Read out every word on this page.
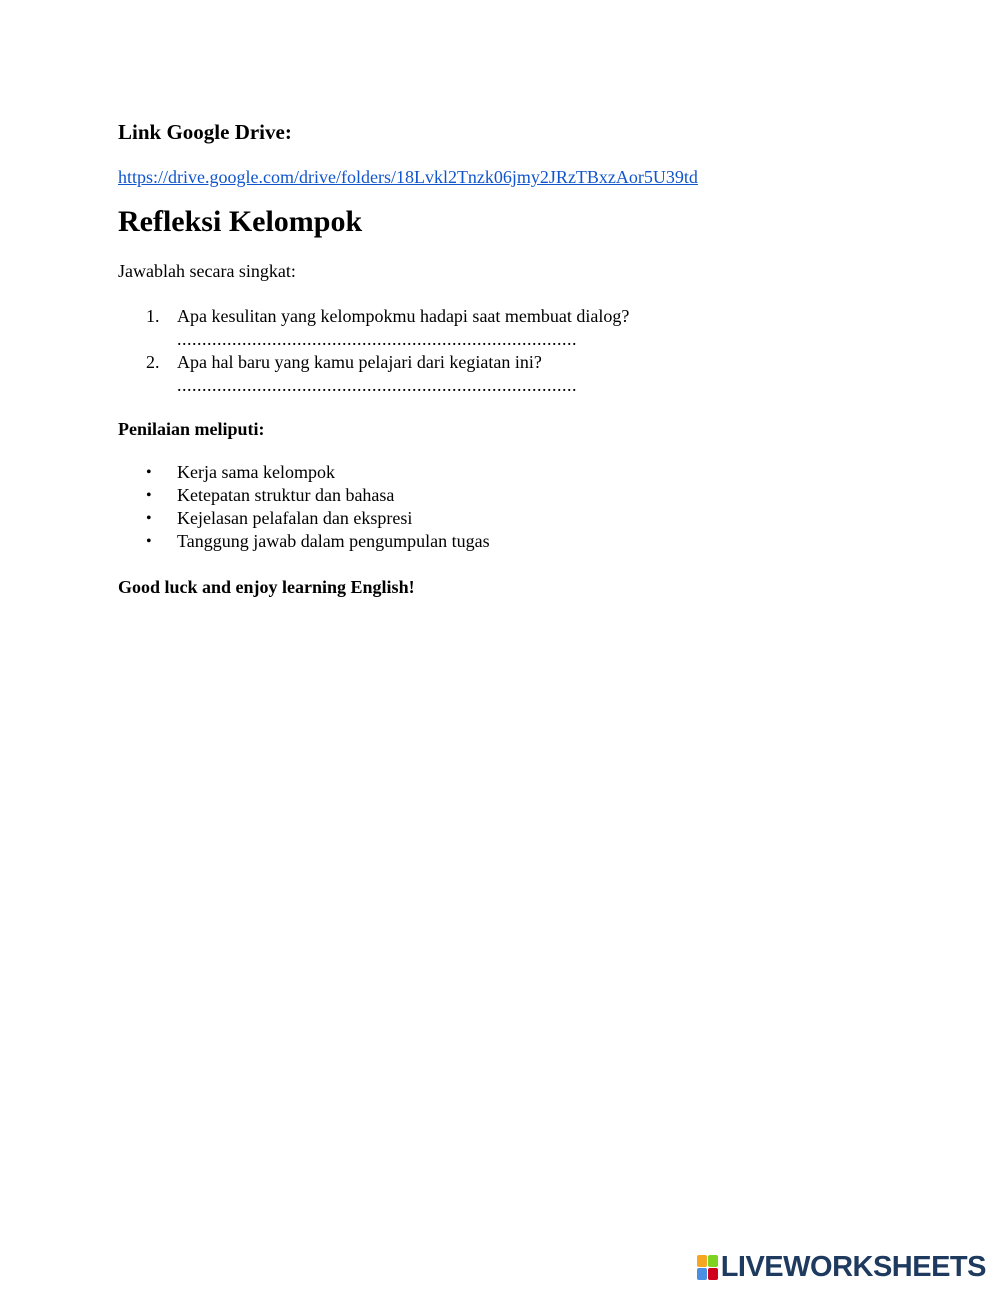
Link Google Drive:

https://drive.google.com/drive/folders/18Lvkl2Tnzk06jmy2JRzTBxzAor5U39td
Refleksi Kelompok

Jawablah secara singkat:

1. Apa kesulitan yang kelompokmu hadapi saat membuat dialog?
................................................................................
2. Apa hal baru yang kamu pelajari dari kegiatan ini?
................................................................................

Penilaian meliputi:

• Kerja sama kelompok
• Ketepatan struktur dan bahasa
• Kejelasan pelafalan dan ekspresi
• Tanggung jawab dalam pengumpulan tugas

Good luck and enjoy learning English!

LIVEWORKSHEETS
